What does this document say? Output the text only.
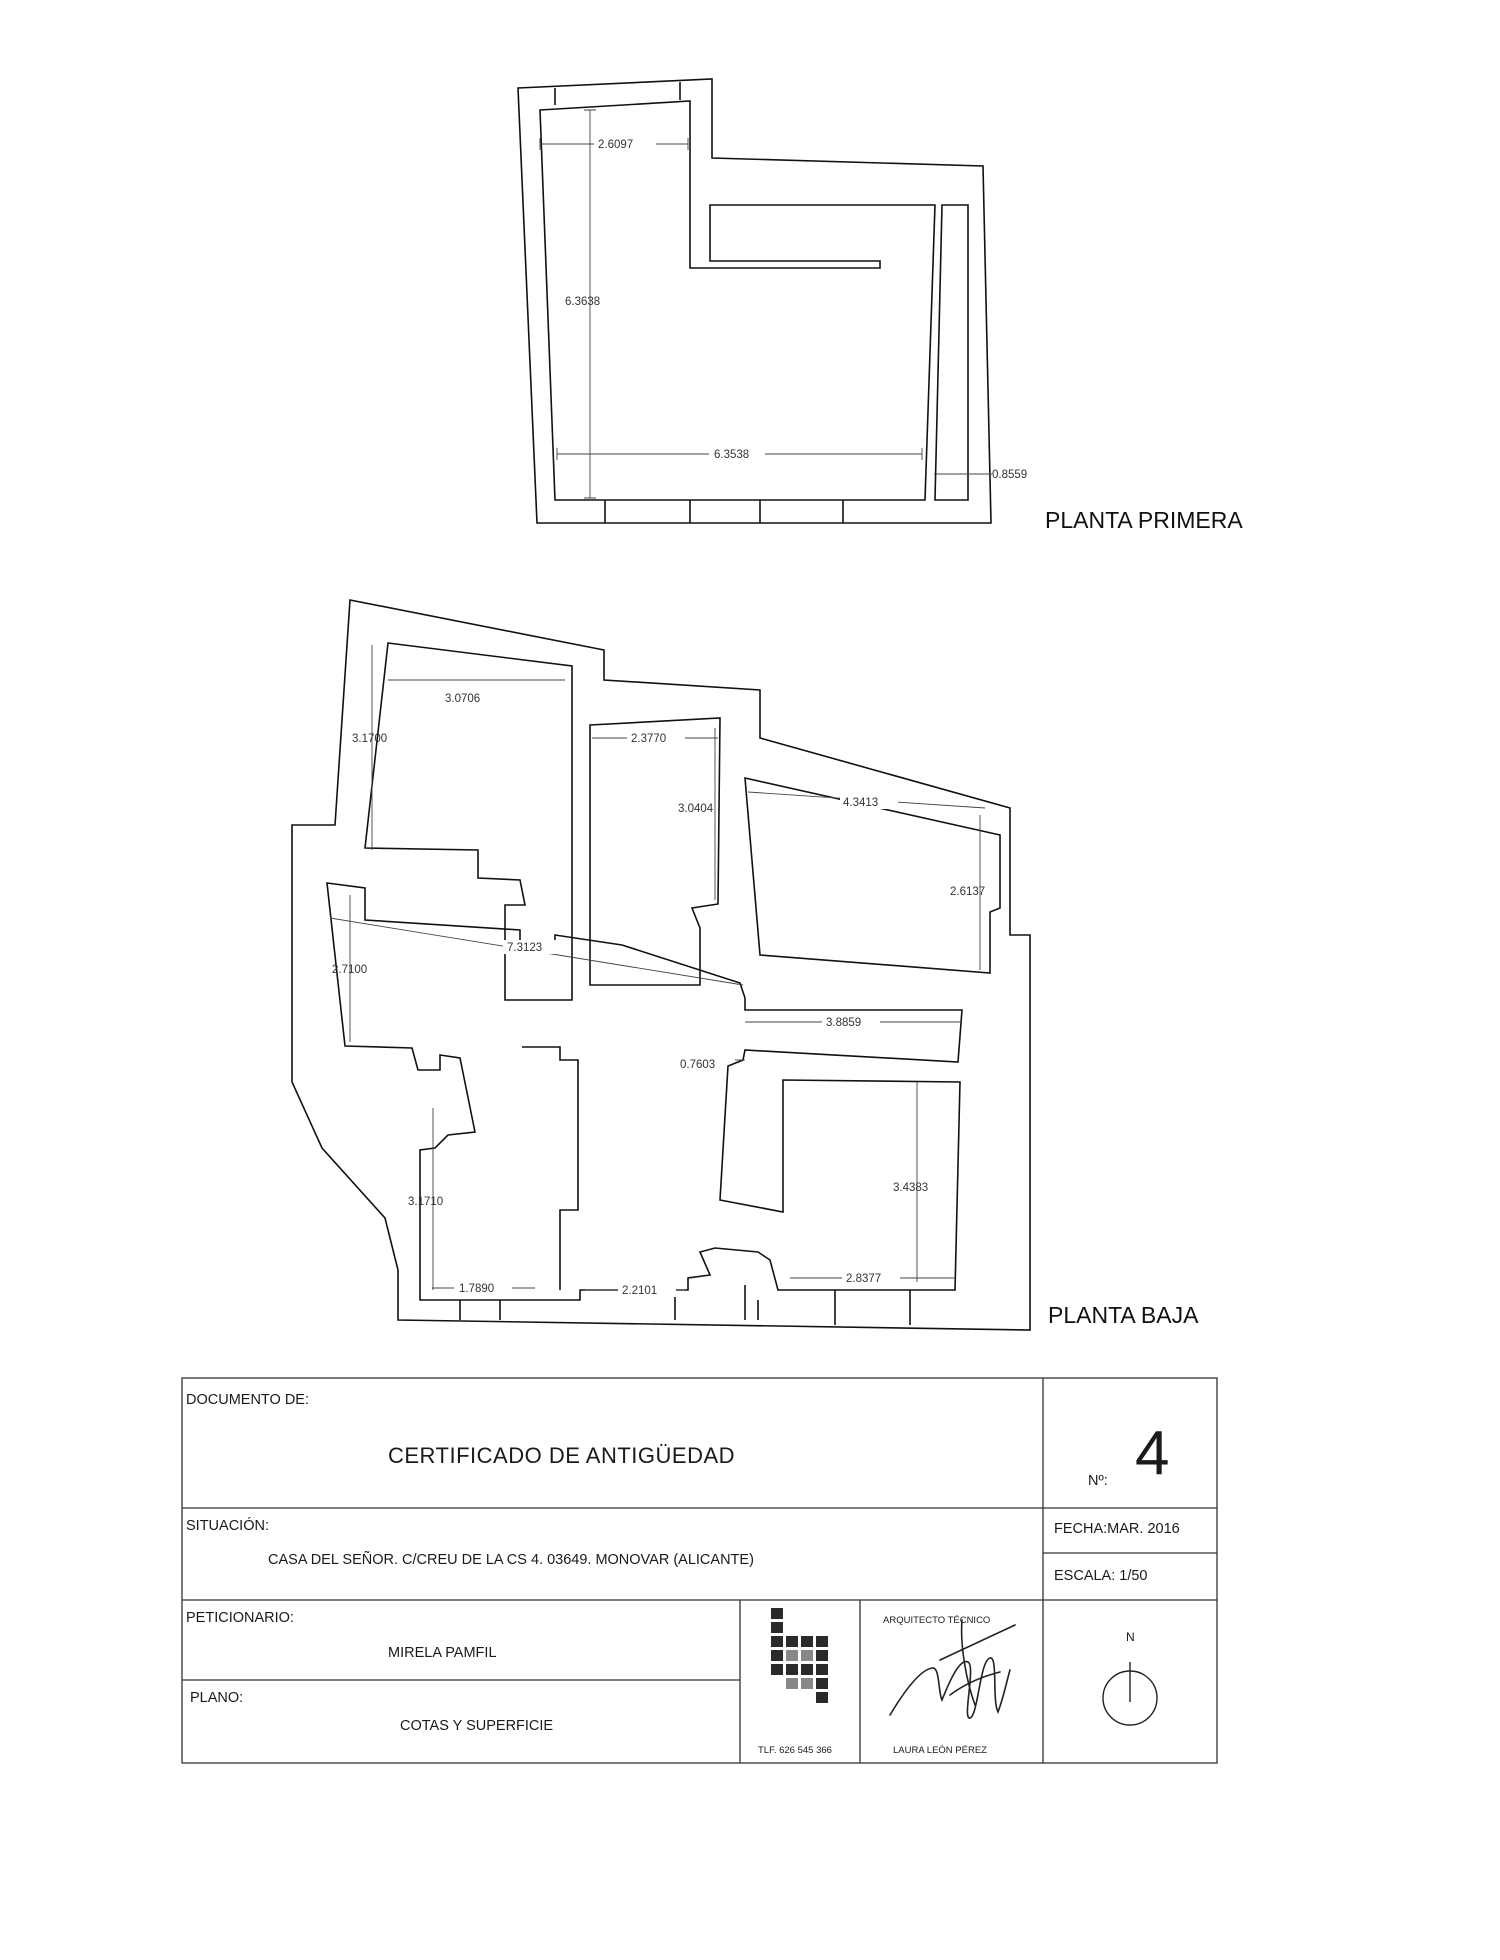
2.6097
6.3638
6.3538
0.8559
3.0706
3.1700	2.3770
3.0404	4.3413
2.6137
7.3123
2.7100
3.8859
0.7603
3.4383
3.1710
1.7890	2.2101
2.8377
PLANTA PRIMERA
PLANTA BAJA
DOCUMENTO DE:
CERTIFICADO DE ANTIGÜEDAD
Nº: 4
SITUACIÓN:
CASA DEL SEÑOR. C/CREU DE LA CS 4. 03649. MONOVAR (ALICANTE)
FECHA:MAR. 2016
ESCALA: 1/50
PETICIONARIO:
MIRELA PAMFIL
PLANO:
COTAS Y SUPERFICIE
TLF. 626 545 366
ARQUITECTO TÉCNICO
LAURA LEÓN PÉREZ
N
